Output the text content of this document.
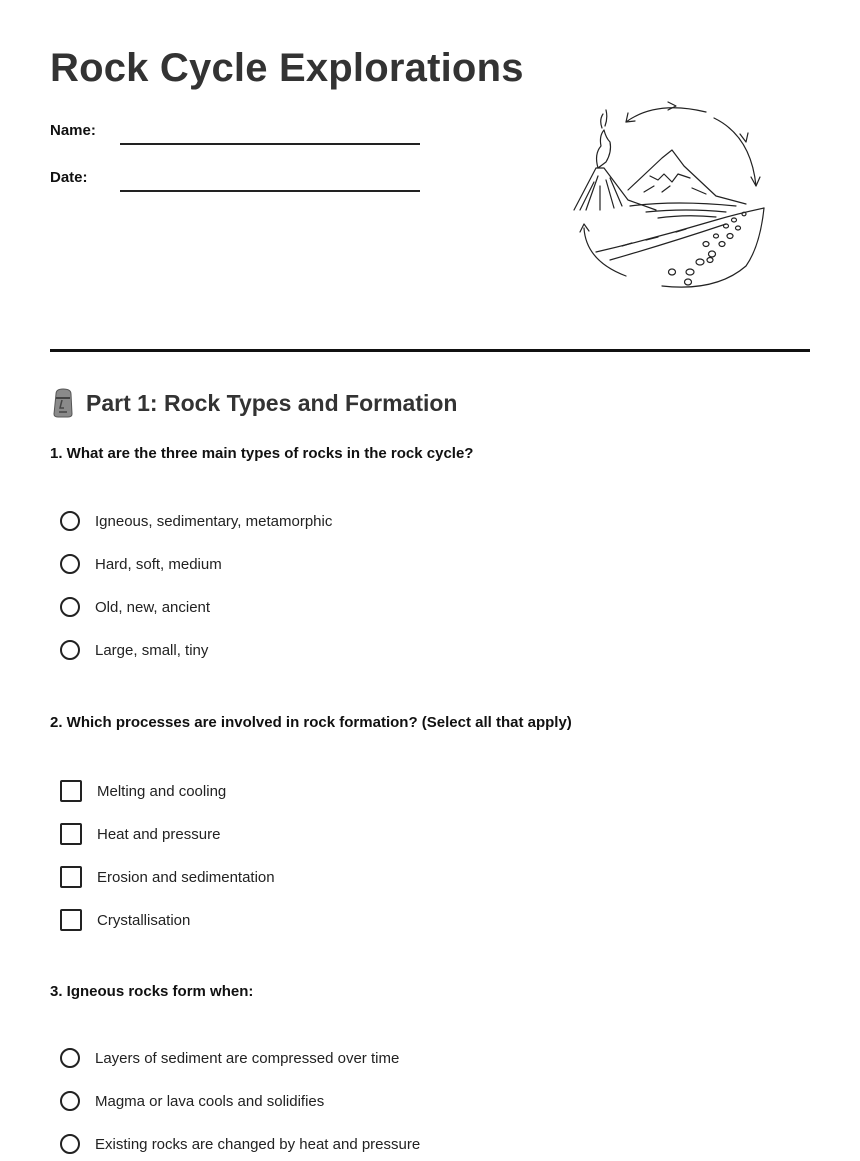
Rock Cycle Explorations
Name:
Date:
Part 1: Rock Types and Formation
1. What are the three main types of rocks in the rock cycle?
Igneous, sedimentary, metamorphic
Hard, soft, medium
Old, new, ancient
Large, small, tiny
2. Which processes are involved in rock formation? (Select all that apply)
Melting and cooling
Heat and pressure
Erosion and sedimentation
Crystallisation
3. Igneous rocks form when:
Layers of sediment are compressed over time
Magma or lava cools and solidifies
Existing rocks are changed by heat and pressure
